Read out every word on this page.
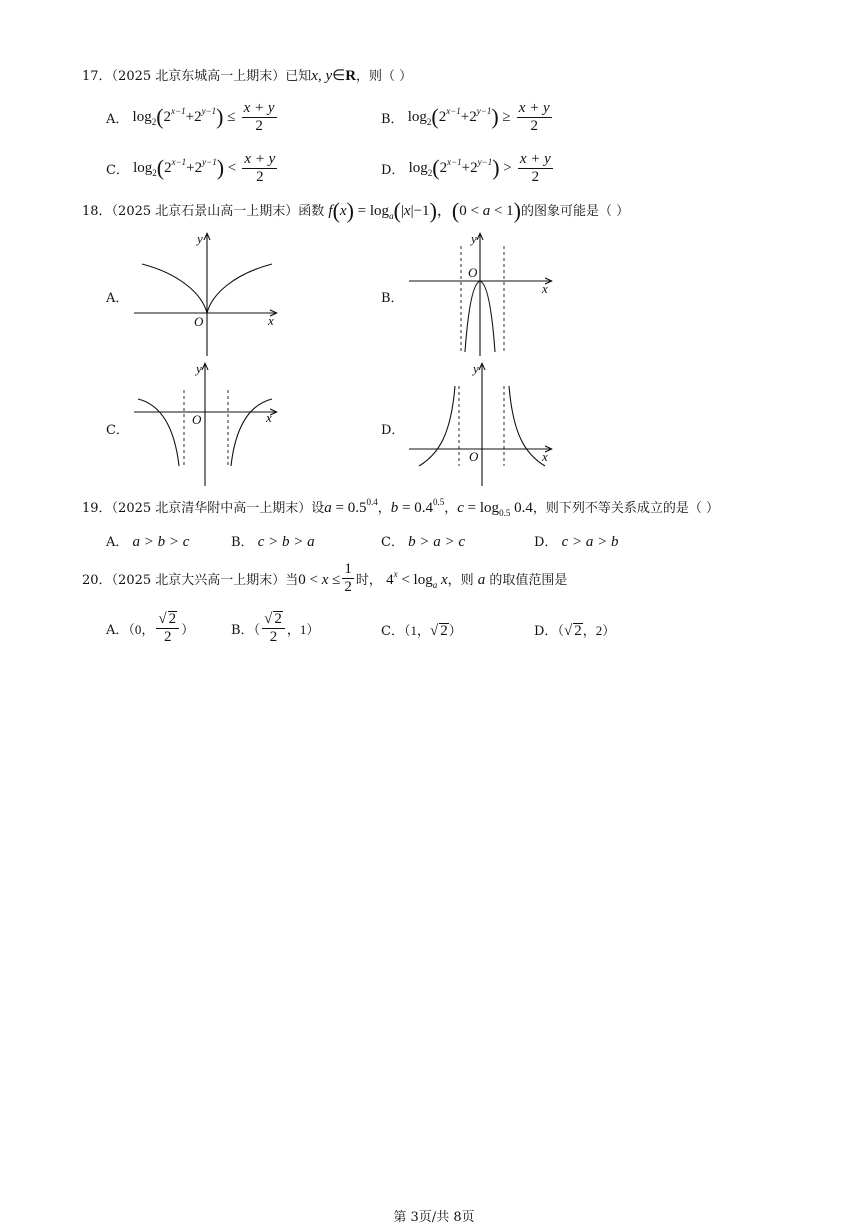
17．（2025 北京东城高一上期末）已知x, y∈R，则（ ）
A． $\log_2(2^{x-1}+2^{y-1}) \le \frac{x + y}{2}$	B． $\log_2(2^{x-1}+2^{y-1}) \ge \frac{x + y}{2}$
C． $\log_2(2^{x-1}+2^{y-1}) < \frac{x + y}{2}$	D． $\log_2(2^{x-1}+2^{y-1}) > \frac{x + y}{2}$
18．（2025 北京石景山高一上期末）函数 $f(x) = \log_a(|x|-1)$，(0 < a < 1)的图象可能是（ ）
A．
x
y
O
B．
x
y
O
C．
x
y
O
D．
x
y
O
19．（2025 北京清华附中高一上期末）设$a = 0.5^{0.4}$，$b = 0.4^{0.5}$，$c = \log_{0.5} 0.4$，则下列不等关系成立的是（ ）
A． a > b > c	B． c > b > a	C． b > a > c	D． c > a > b
20．（2025 北京大兴高一上期末）当$0 < x \le \frac{1}{2}$ 时， $4^x < \log_a x$，则 a 的取值范围是
A．（0， $\frac{√ 2}{2}$ ）	B．（ $\frac{√ 2}{2}$ ，1）	C．（1，√ 2）	D．（√ 2，2）
第 3页/共 8页
